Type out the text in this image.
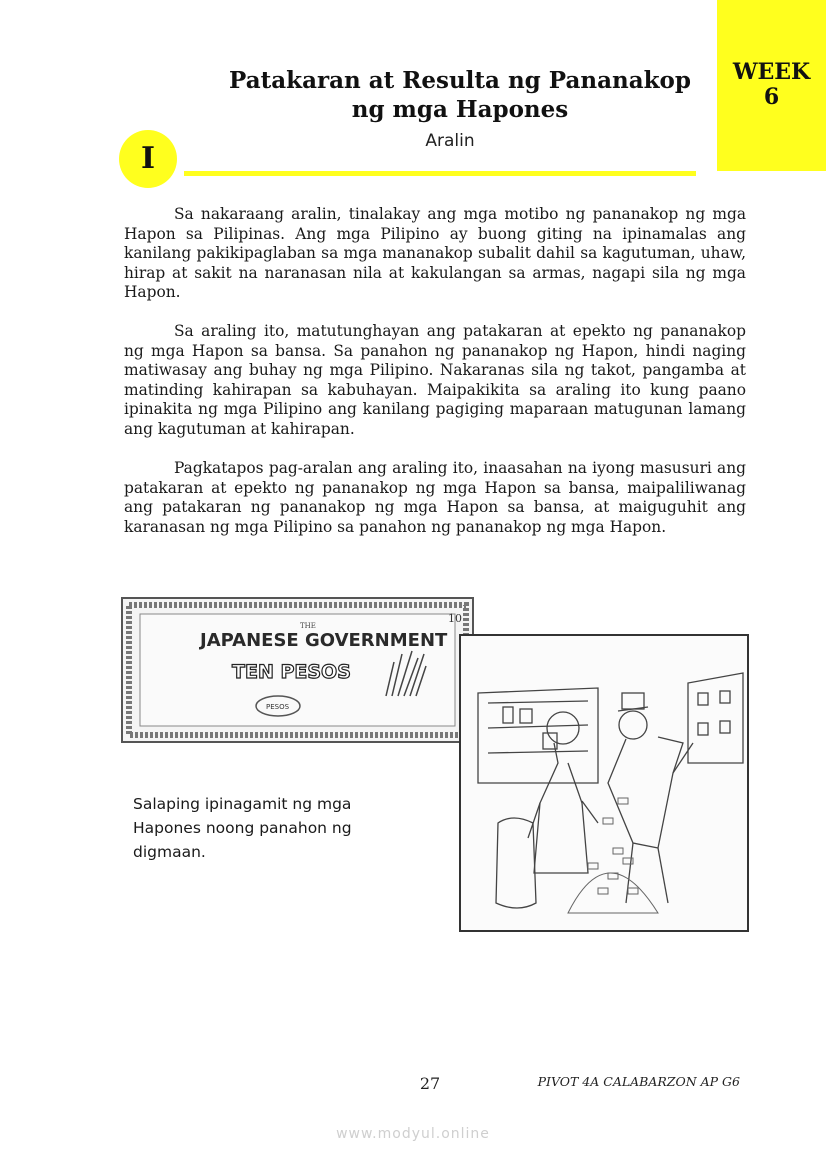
WEEK
6
Patakaran at Resulta ng Pananakop
ng mga Hapones
I	Aralin

Sa nakaraang aralin, tinalakay ang mga motibo ng pananakop ng mga Hapon sa Pilipinas. Ang mga Pilipino ay buong giting na ipinamalas ang kanilang pakikipaglaban sa mga mananakop subalit dahil sa kagutuman, uhaw, hirap at sakit na naranasan nila at kakulangan sa armas, nagapi sila ng mga Hapon.

Sa araling ito, matutunghayan ang patakaran at epekto ng pananakop ng mga Hapon sa bansa. Sa panahon ng pananakop ng Hapon, hindi naging matiwasay ang buhay ng mga Pilipino. Nakaranas sila ng takot, pangamba at matinding kahirapan sa kabuhayan. Maipakikita sa araling ito kung paano ipinakita ng mga Pilipino ang kanilang pagiging maparaan matugunan lamang ang kagutuman at kahirapan.

Pagkatapos pag-aralan ang araling ito, inaasahan na iyong masusuri ang patakaran at epekto ng pananakop ng mga Hapon sa bansa, maipaliliwanag ang patakaran ng pananakop ng mga Hapon sa bansa, at maiguguhit ang karanasan ng mga Pilipino sa panahon ng pananakop ng mga Hapon.

THE
10
JAPANESE GOVERNMENT
TEN PESOS
PESOS
Salaping ipinagamit ng mga Hapones noong panahon ng digmaan.
27	PIVOT 4A CALABARZON AP G6
www.modyul.online
